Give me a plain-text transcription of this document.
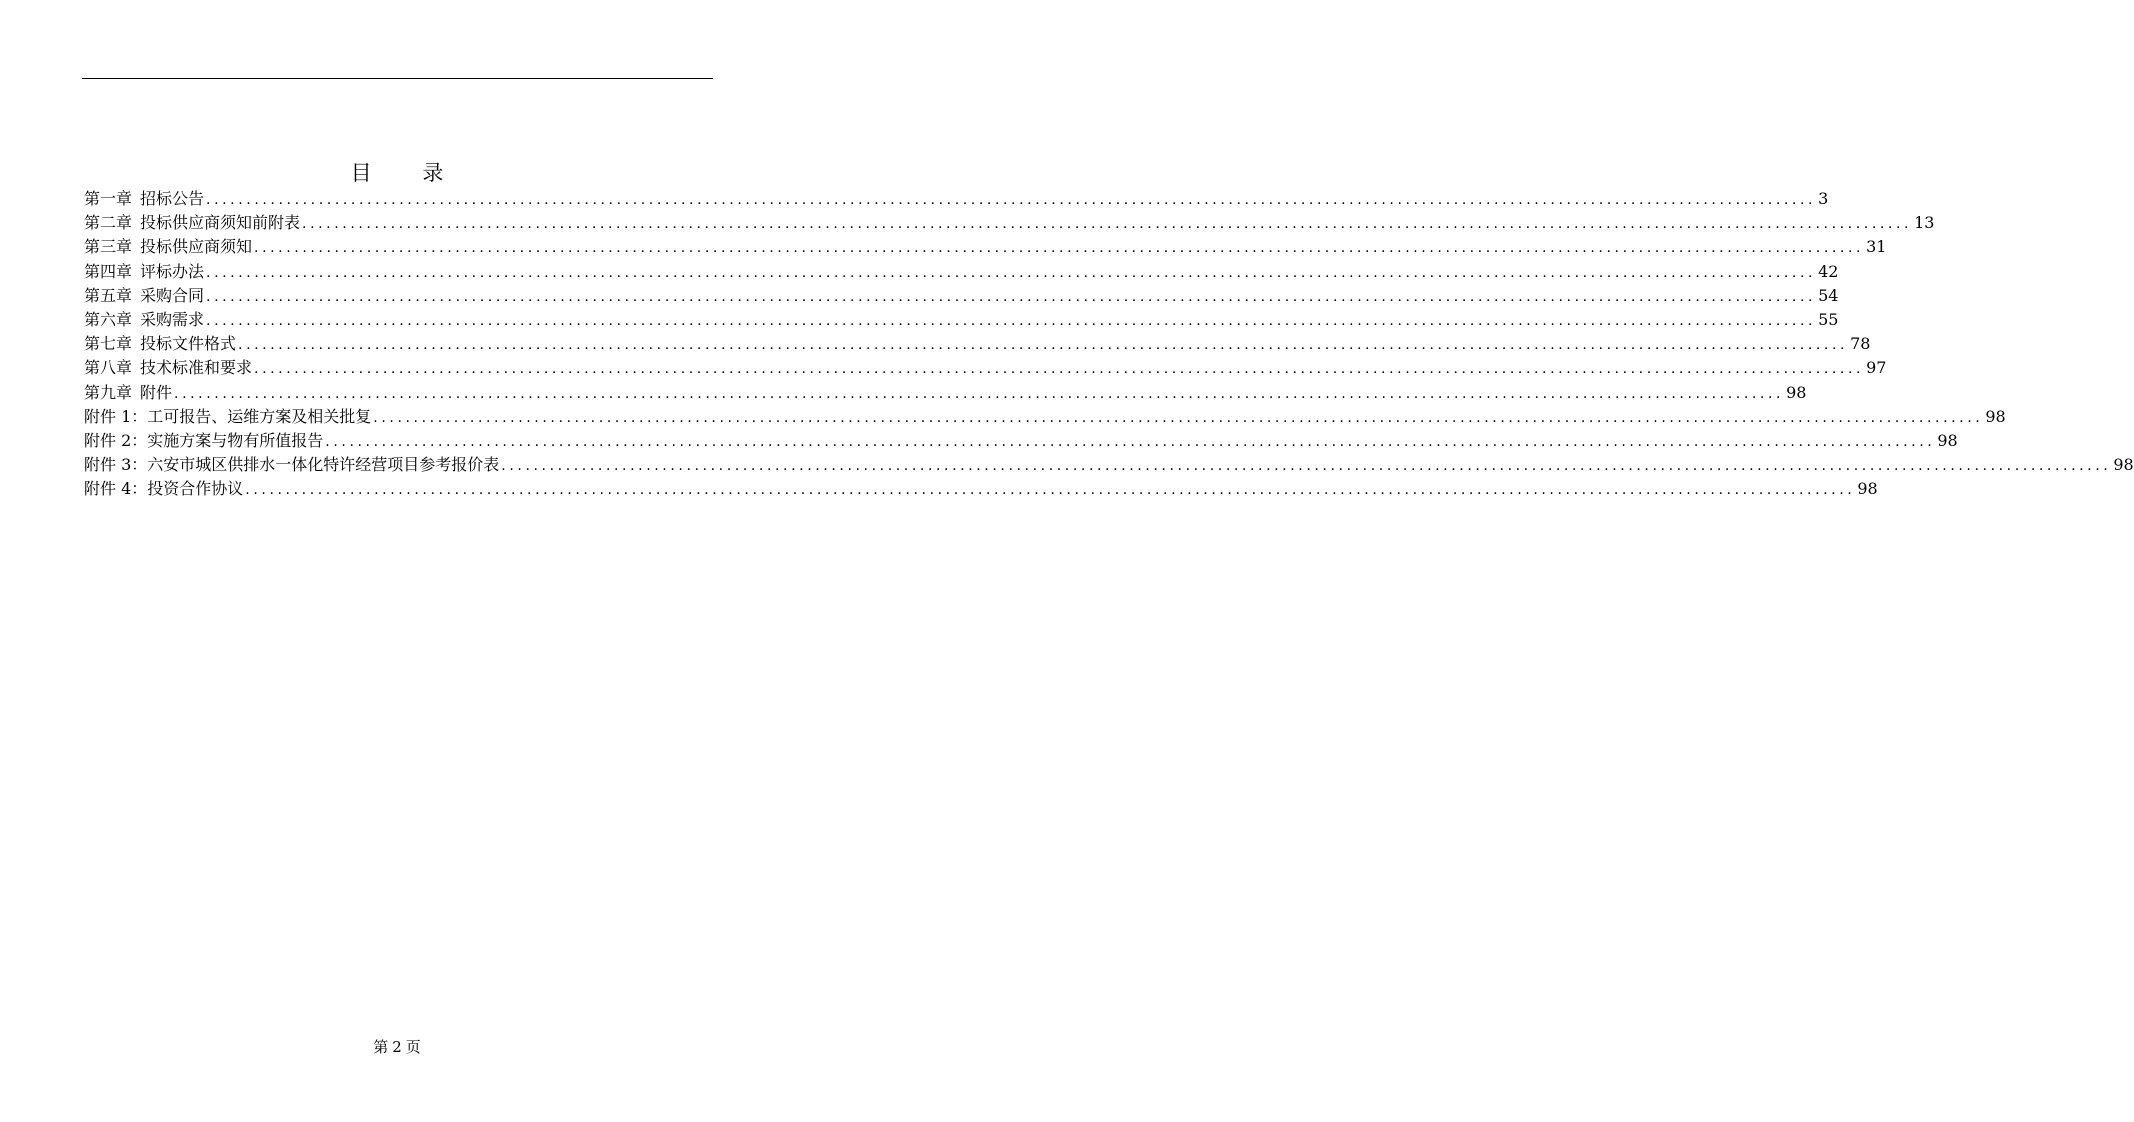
目 录
第一章 招标公告 ........................................................................................................................................................................................................ 3
第二章 投标供应商须知前附表 ........................................................................................................................................................................................................ 13
第三章 投标供应商须知 ........................................................................................................................................................................................................ 31
第四章 评标办法 ........................................................................................................................................................................................................ 42
第五章 采购合同 ........................................................................................................................................................................................................ 54
第六章 采购需求 ........................................................................................................................................................................................................ 55
第七章 投标文件格式 ........................................................................................................................................................................................................ 78
第八章 技术标准和要求 ........................................................................................................................................................................................................ 97
第九章 附件 ........................................................................................................................................................................................................ 98
附件 1：工可报告、运维方案及相关批复 ........................................................................................................................................................................................................ 98
附件 2：实施方案与物有所值报告 ........................................................................................................................................................................................................ 98
附件 3：六安市城区供排水一体化特许经营项目参考报价表 ........................................................................................................................................................................................................ 98
附件 4：投资合作协议 ........................................................................................................................................................................................................ 98
第 2 页
